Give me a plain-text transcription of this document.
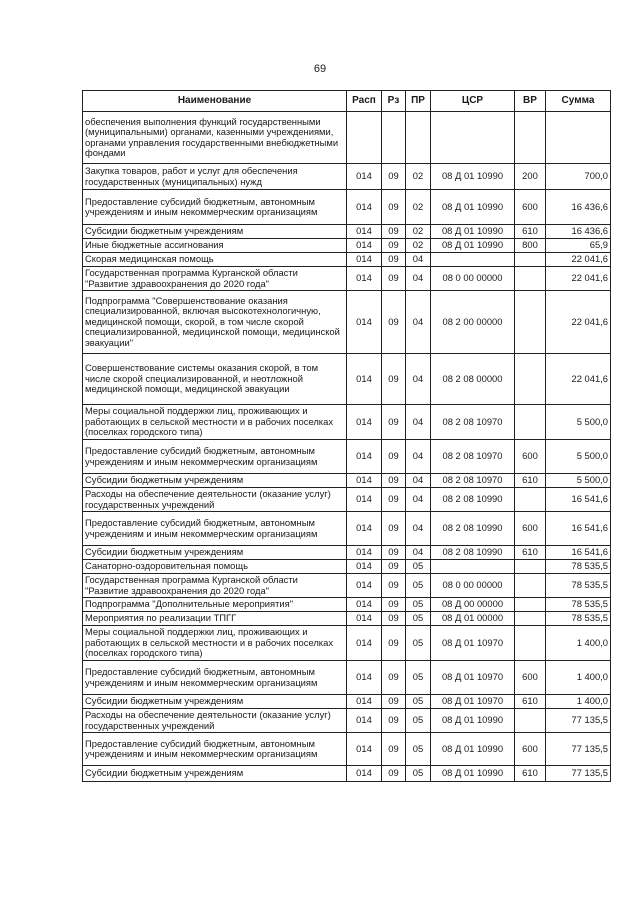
69
Наименование	Расп	Рз	ПР	ЦСР	ВР	Сумма
обеспечения выполнения функций государственными (муниципальными) органами, казенными учреждениями, органами управления государственными внебюджетными фондами						
Закупка товаров, работ и услуг для обеспечения государственных (муниципальных) нужд	014	09	02	08 Д 01 10990	200	700,0
Предоставление субсидий бюджетным, автономным учреждениям и иным некоммерческим организациям	014	09	02	08 Д 01 10990	600	16 436,6
Субсидии бюджетным учреждениям	014	09	02	08 Д 01 10990	610	16 436,6
Иные бюджетные ассигнования	014	09	02	08 Д 01 10990	800	65,9
Скорая медицинская помощь	014	09	04			22 041,6
Государственная программа Курганской области "Развитие здравоохранения до 2020 года"	014	09	04	08 0 00 00000		22 041,6
Подпрограмма "Совершенствование оказания специализированной, включая высокотехнологичную, медицинской помощи, скорой, в том числе скорой специализированной, медицинской помощи, медицинской эвакуации"	014	09	04	08 2 00 00000		22 041,6
Совершенствование системы оказания скорой, в том числе скорой специализированной, и неотложной медицинской помощи, медицинской эвакуации	014	09	04	08 2 08 00000		22 041,6
Меры социальной поддержки лиц, проживающих и работающих в сельской местности и в рабочих поселках (поселках городского типа)	014	09	04	08 2 08 10970		5 500,0
Предоставление субсидий бюджетным, автономным учреждениям и иным некоммерческим организациям	014	09	04	08 2 08 10970	600	5 500,0
Субсидии бюджетным учреждениям	014	09	04	08 2 08 10970	610	5 500,0
Расходы на обеспечение деятельности (оказание услуг) государственных учреждений	014	09	04	08 2 08 10990		16 541,6
Предоставление субсидий бюджетным, автономным учреждениям и иным некоммерческим организациям	014	09	04	08 2 08 10990	600	16 541,6
Субсидии бюджетным учреждениям	014	09	04	08 2 08 10990	610	16 541,6
Санаторно-оздоровительная помощь	014	09	05			78 535,5
Государственная программа Курганской области "Развитие здравоохранения до 2020 года"	014	09	05	08 0 00 00000		78 535,5
Подпрограмма "Дополнительные мероприятия"	014	09	05	08 Д 00 00000		78 535,5
Мероприятия по реализации ТПГГ	014	09	05	08 Д 01 00000		78 535,5
Меры социальной поддержки лиц, проживающих и работающих в сельской местности и в рабочих поселках (поселках городского типа)	014	09	05	08 Д 01 10970		1 400,0
Предоставление субсидий бюджетным, автономным учреждениям и иным некоммерческим организациям	014	09	05	08 Д 01 10970	600	1 400,0
Субсидии бюджетным учреждениям	014	09	05	08 Д 01 10970	610	1 400,0
Расходы на обеспечение деятельности (оказание услуг) государственных учреждений	014	09	05	08 Д 01 10990		77 135,5
Предоставление субсидий бюджетным, автономным учреждениям и иным некоммерческим организациям	014	09	05	08 Д 01 10990	600	77 135,5
Субсидии бюджетным учреждениям	014	09	05	08 Д 01 10990	610	77 135,5
